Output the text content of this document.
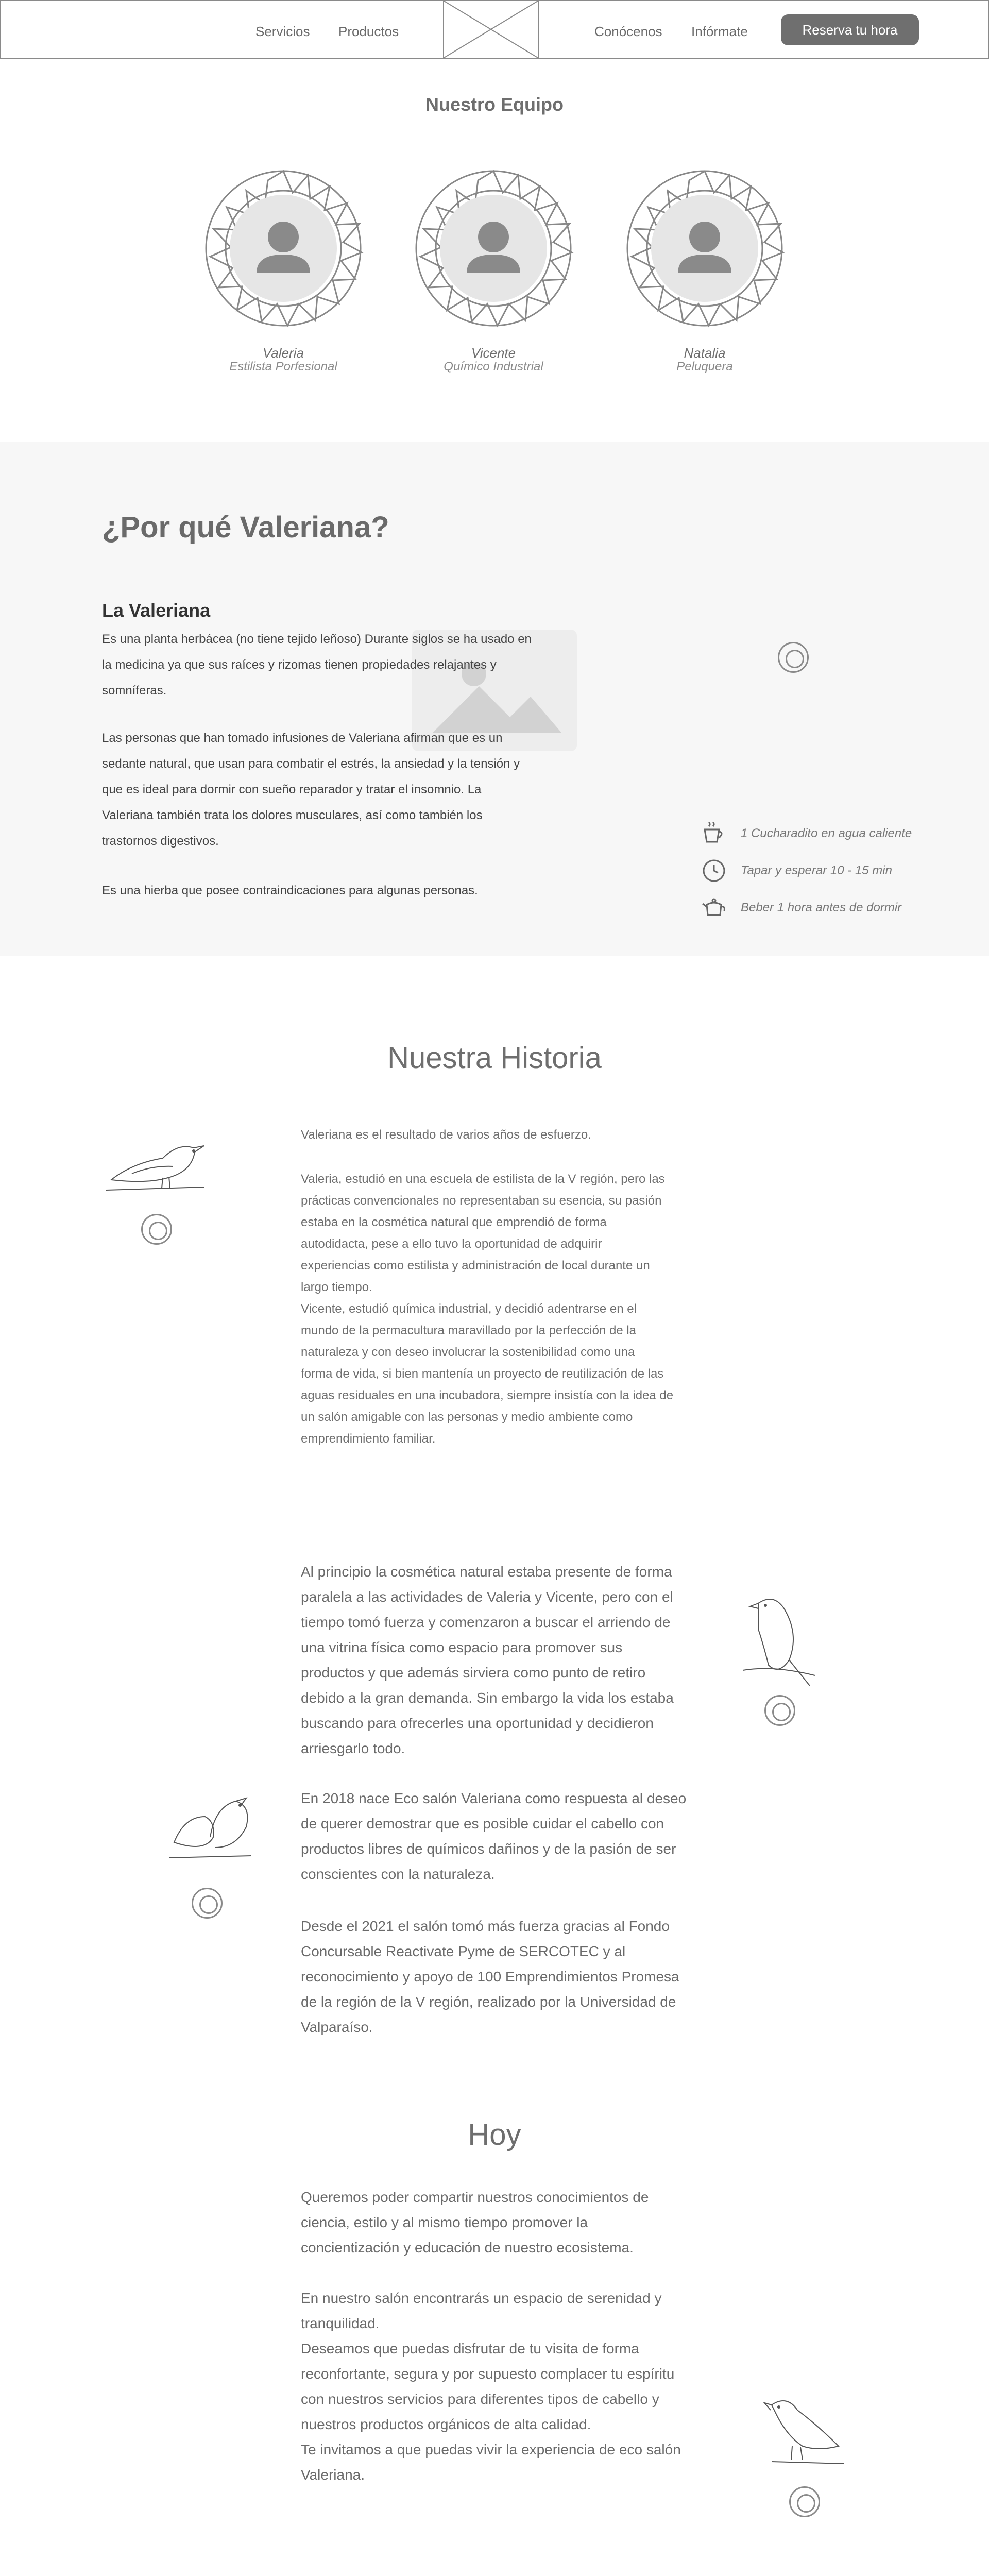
Servicios Productos	Conócenos Infórmate	Reserva tu hora
Nuestro Equipo
Valeria
Estilista Porfesional
Vicente
Químico Industrial
Natalia
Peluquera
¿Por qué Valeriana?
La Valeriana
Es una planta herbácea (no tiene tejido leñoso) Durante siglos se ha usado en
la medicina ya que sus raíces y rizomas tienen propiedades relajantes y
somníferas.
Las personas que han tomado infusiones de Valeriana afirman que es un
sedante natural, que usan para combatir el estrés, la ansiedad y la tensión y
que es ideal para dormir con sueño reparador y tratar el insomnio. La
Valeriana también trata los dolores musculares, así como también los
trastornos digestivos.
Es una hierba que posee contraindicaciones para algunas personas.
1 Cucharadito en agua caliente
Tapar y esperar 10 - 15 min
Beber 1 hora antes de dormir
Nuestra Historia
Valeriana es el resultado de varios años de esfuerzo.
Valeria, estudió en una escuela de estilista de la V región, pero las
prácticas convencionales no representaban su esencia, su pasión
estaba en la cosmética natural que emprendió de forma
autodidacta, pese a ello tuvo la oportunidad de adquirir
experiencias como estilista y administración de local durante un
largo tiempo.
Vicente, estudió química industrial, y decidió adentrarse en el
mundo de la permacultura maravillado por la perfección de la
naturaleza y con deseo involucrar la sostenibilidad como una
forma de vida, si bien mantenía un proyecto de reutilización de las
aguas residuales en una incubadora, siempre insistía con la idea de
un salón amigable con las personas y medio ambiente como
emprendimiento familiar.
Al principio la cosmética natural estaba presente de forma
paralela a las actividades de Valeria y Vicente, pero con el
tiempo tomó fuerza y comenzaron a buscar el arriendo de
una vitrina física como espacio para promover sus
productos y que además sirviera como punto de retiro
debido a la gran demanda. Sin embargo la vida los estaba
buscando para ofrecerles una oportunidad y decidieron
arriesgarlo todo.
En 2018 nace Eco salón Valeriana como respuesta al deseo
de querer demostrar que es posible cuidar el cabello con
productos libres de químicos dañinos y de la pasión de ser
conscientes con la naturaleza.
Desde el 2021 el salón tomó más fuerza gracias al Fondo
Concursable Reactivate Pyme de SERCOTEC y al
reconocimiento y apoyo de 100 Emprendimientos Promesa
de la región de la V región, realizado por la Universidad de
Valparaíso.
Hoy
Queremos poder compartir nuestros conocimientos de
ciencia, estilo y al mismo tiempo promover la
concientización y educación de nuestro ecosistema.
En nuestro salón encontrarás un espacio de serenidad y
tranquilidad.
Deseamos que puedas disfrutar de tu visita de forma
reconfortante, segura y por supuesto complacer tu espíritu
con nuestros servicios para diferentes tipos de cabello y
nuestros productos orgánicos de alta calidad.
Te invitamos a que puedas vivir la experiencia de eco salón
Valeriana.
